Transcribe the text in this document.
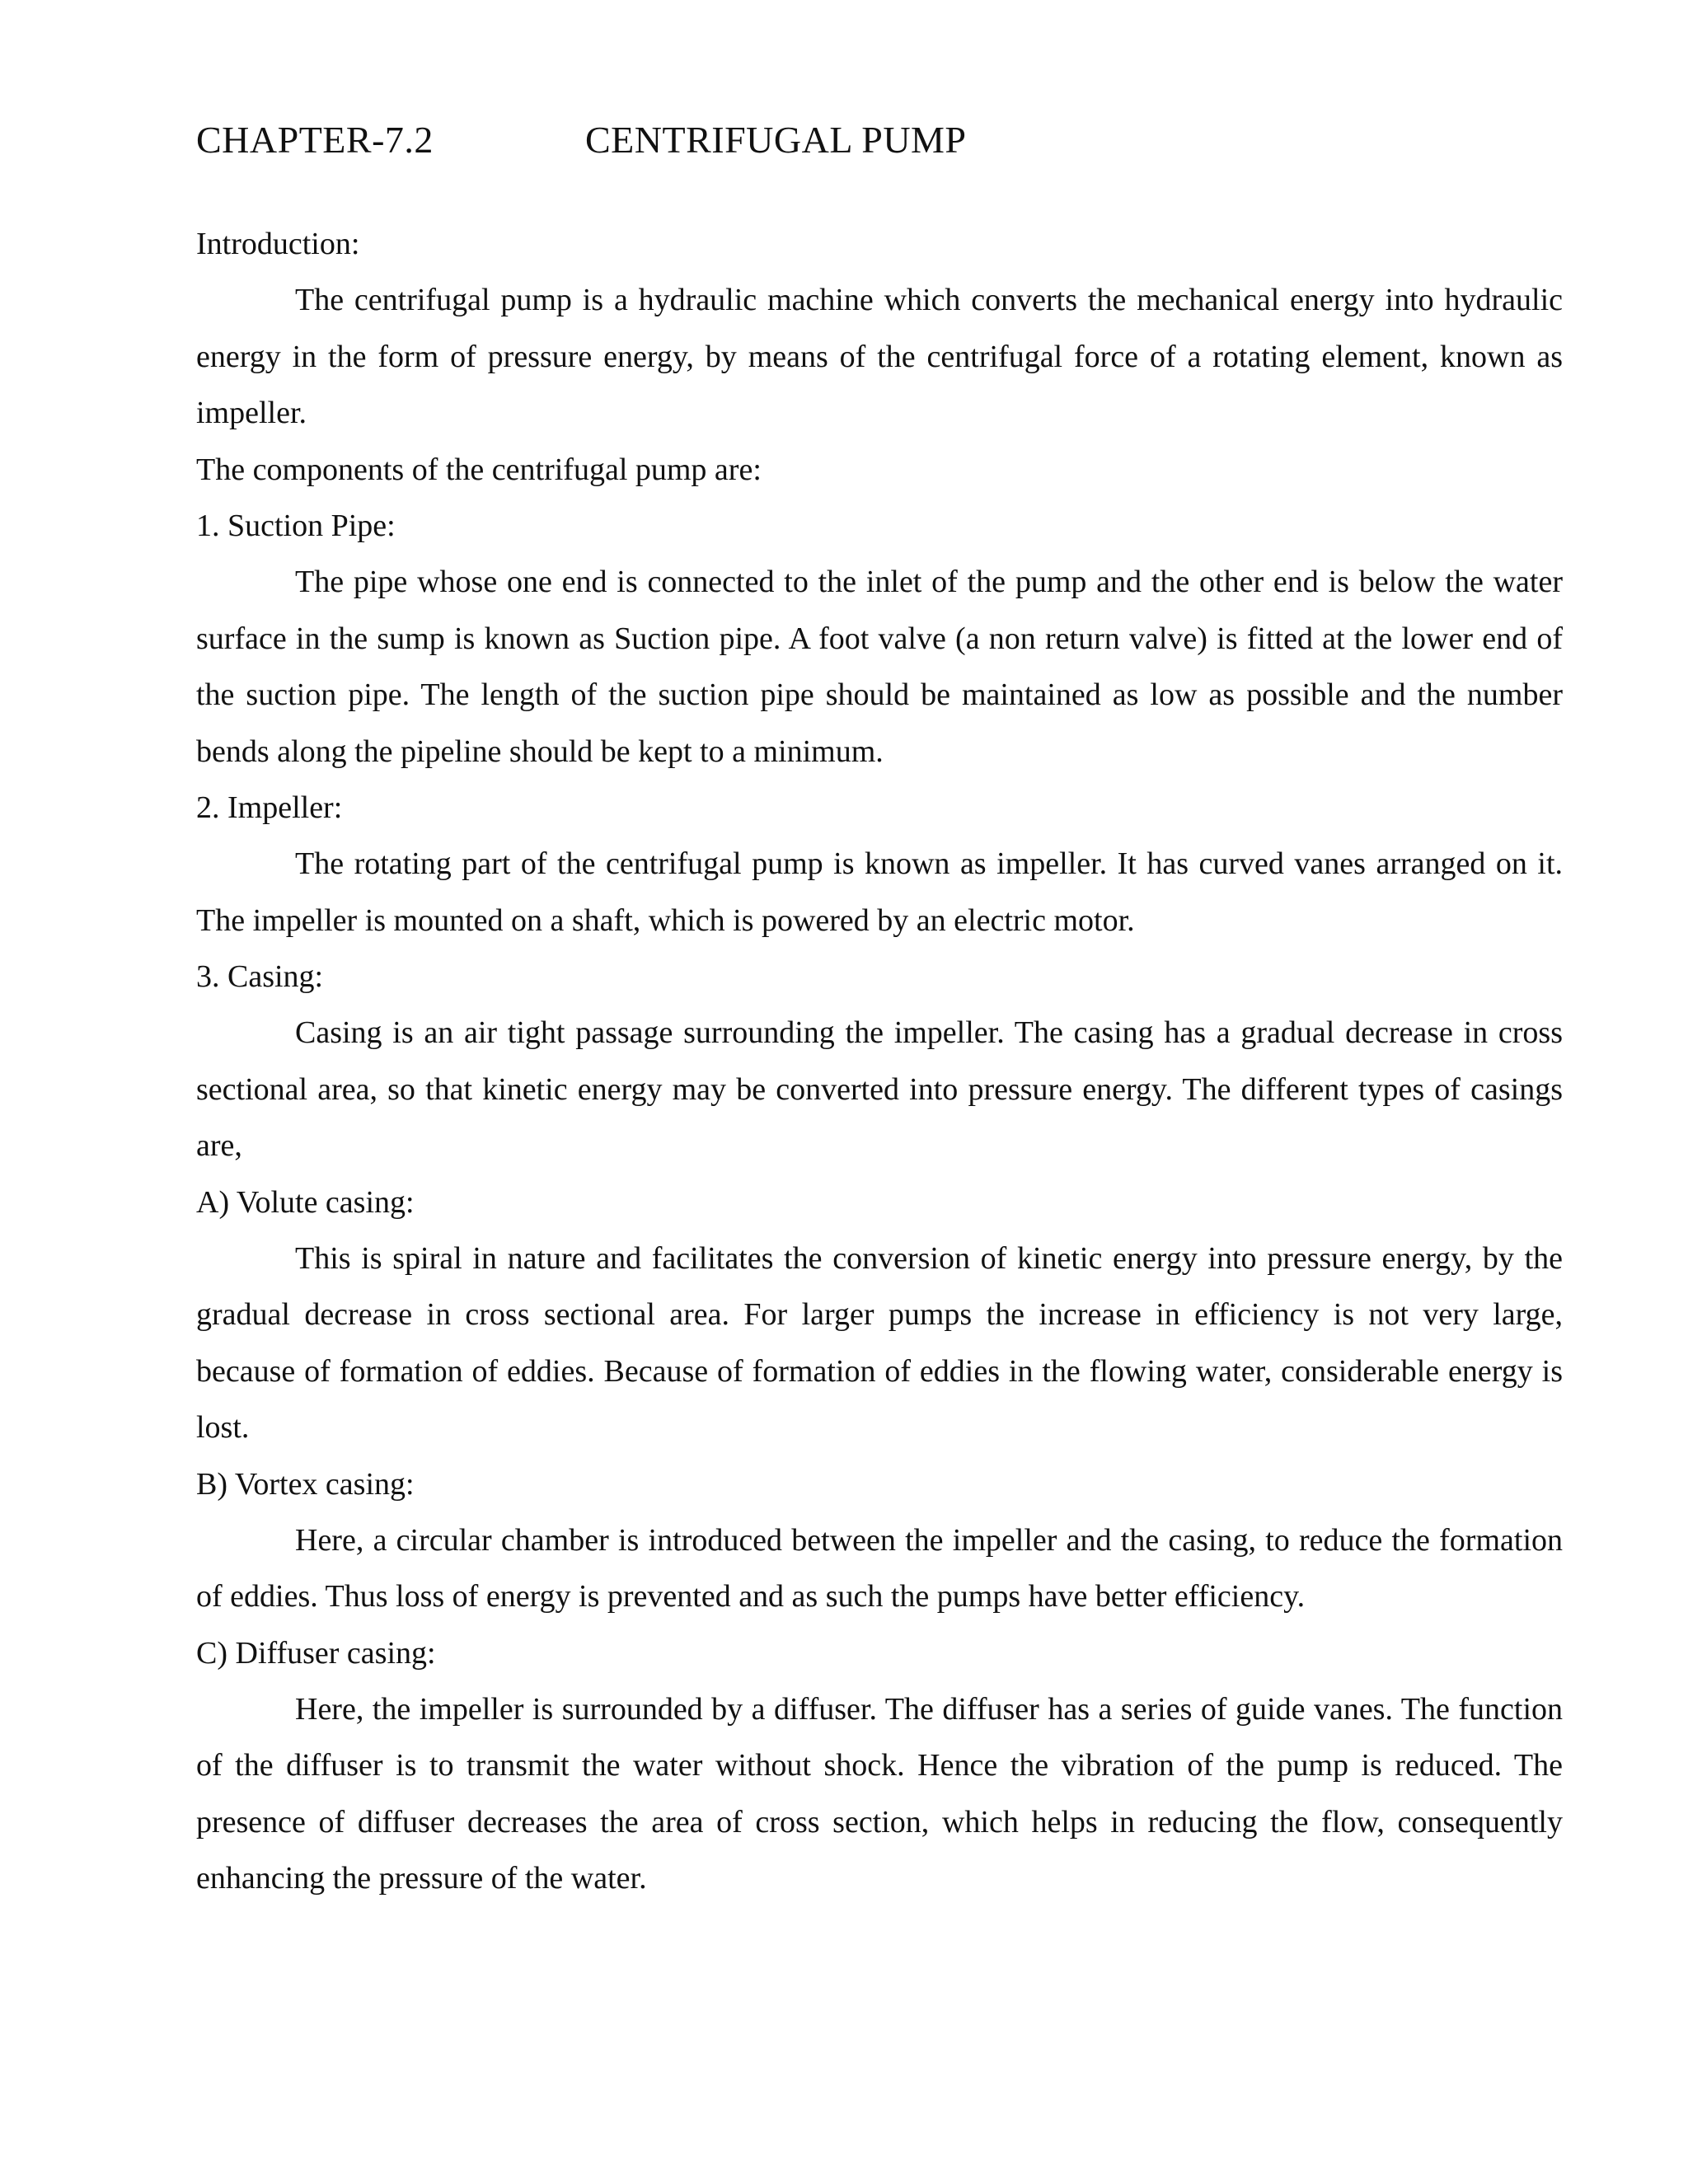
CHAPTER-7.2	CENTRIFUGAL PUMP

Introduction:

The centrifugal pump is a hydraulic machine which converts the mechanical energy into hydraulic energy in the form of pressure energy, by means of the centrifugal force of a rotating element, known as impeller.

The components of the centrifugal pump are:

1. Suction Pipe:

The pipe whose one end is connected to the inlet of the pump and the other end is below the water surface in the sump is known as Suction pipe. A foot valve (a non return valve) is fitted at the lower end of the suction pipe. The length of the suction pipe should be maintained as low as possible and the number bends along the pipeline should be kept to a minimum.

2. Impeller:

The rotating part of the centrifugal pump is known as impeller. It has curved vanes arranged on it. The impeller is mounted on a shaft, which is powered by an electric motor.

3. Casing:

Casing is an air tight passage surrounding the impeller. The casing has a gradual decrease in cross sectional area, so that kinetic energy may be converted into pressure energy. The different types of casings are,

A) Volute casing:

This is spiral in nature and facilitates the conversion of kinetic energy into pressure energy, by the gradual decrease in cross sectional area. For larger pumps the increase in efficiency is not very large, because of formation of eddies. Because of formation of eddies in the flowing water, considerable energy is lost.

B) Vortex casing:

Here, a circular chamber is introduced between the impeller and the casing, to reduce the formation of eddies. Thus loss of energy is prevented and as such the pumps have better efficiency.

C) Diffuser casing:

Here, the impeller is surrounded by a diffuser. The diffuser has a series of guide vanes. The function of the diffuser is to transmit the water without shock. Hence the vibration of the pump is reduced. The presence of diffuser decreases the area of cross section, which helps in reducing the flow, consequently enhancing the pressure of the water.
